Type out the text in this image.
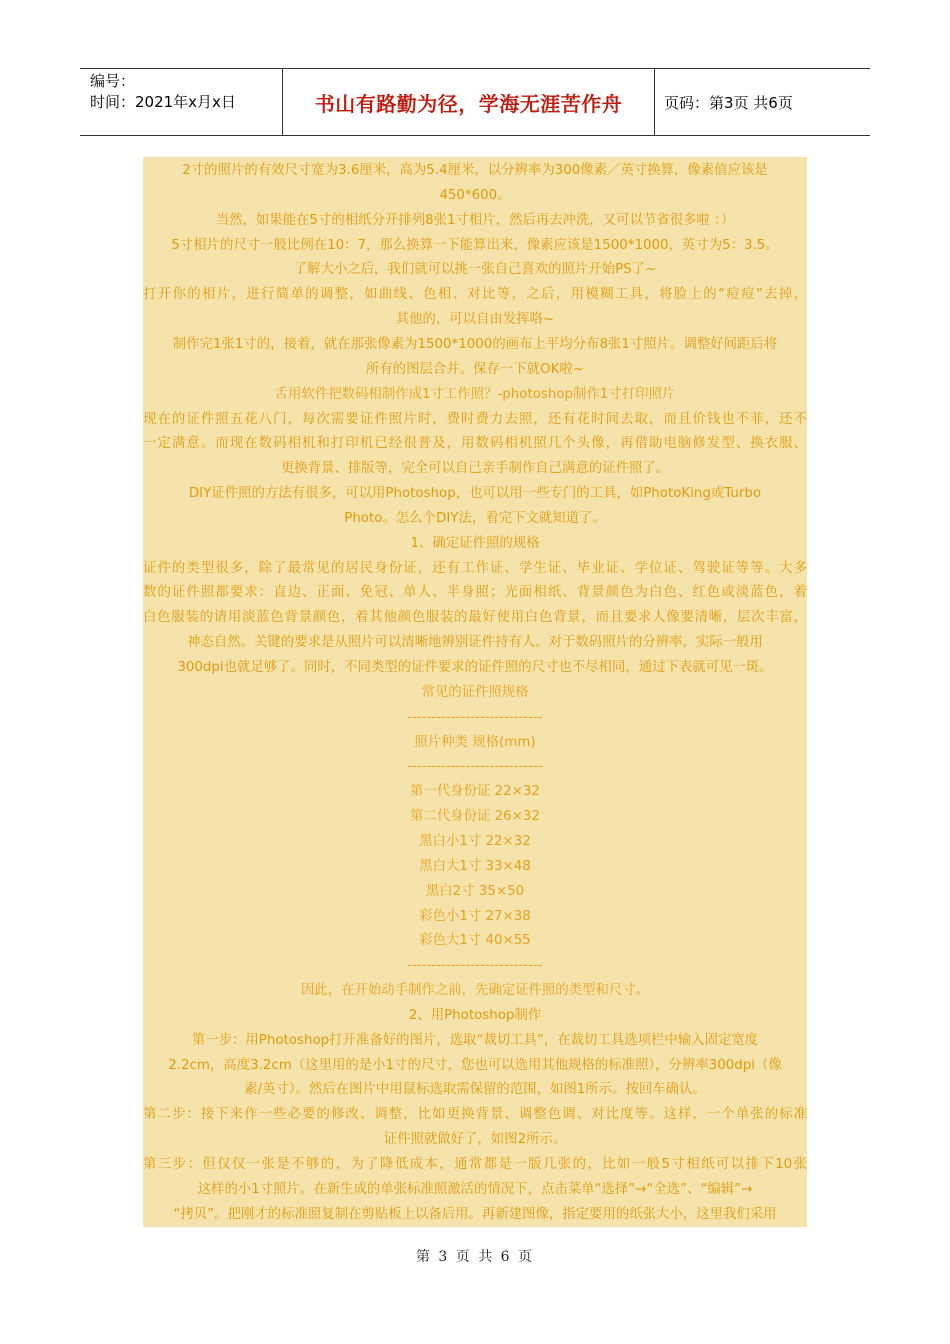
编号：
时间：2021年x月x日	书山有路勤为径，学海无涯苦作舟	页码：第3页 共6页
2寸的照片的有效尺寸宽为3.6厘米，高为5.4厘米，以分辨率为300像素／英寸换算，像素值应该是
450*600。
当然，如果能在5寸的相纸分开排列8张1寸相片，然后再去冲洗，又可以节省很多啦 ：）
5寸相片的尺寸一般比例在10：7，那么换算一下能算出来，像素应该是1500*1000，英寸为5：3.5。
了解大小之后，我们就可以挑一张自己喜欢的照片开始PS了~
打开你的相片，进行简单的调整，如曲线、色相、对比等，之后，用模糊工具，将脸上的“痘痘”去掉，
其他的，可以自由发挥咯~
制作完1张1寸的，接着，就在那张像素为1500*1000的画布上平均分布8张1寸照片。调整好间距后将
所有的图层合并。保存一下就OK啦~
舌用软件把数码相制作成1寸工作照？-photoshop制作1寸打印照片
现在的证件照五花八门，每次需要证件照片时，费时费力去照，还有花时间去取，而且价钱也不菲，还不
一定满意。而现在数码相机和打印机已经很普及，用数码相机照几个头像，再借助电脑修发型、换衣服、
更换背景、排版等，完全可以自己亲手制作自己满意的证件照了。
DIY证件照的方法有很多，可以用Photoshop，也可以用一些专门的工具，如PhotoKing或Turbo
Photo。怎么个DIY法，看完下文就知道了。
1、确定证件照的规格
证件的类型很多，除了最常见的居民身份证，还有工作证、学生证、毕业证、学位证、驾驶证等等。大多
数的证件照都要求：直边、正面、免冠、单人、半身照；光面相纸、背景颜色为白色、红色或淡蓝色，着
白色服装的请用淡蓝色背景颜色，着其他颜色服装的最好使用白色背景，而且要求人像要清晰，层次丰富，
神态自然。关键的要求是从照片可以清晰地辨别证件持有人。对于数码照片的分辨率，实际一般用
300dpi也就足够了。同时，不同类型的证件要求的证件照的尺寸也不尽相同，通过下表就可见一斑。
常见的证件照规格
----------------------------
照片种类 规格(mm)
----------------------------
第一代身份证 22×32
第二代身份证 26×32
黑白小1寸 22×32
黑白大1寸 33×48
黑白2寸 35×50
彩色小1寸 27×38
彩色大1寸 40×55
----------------------------
因此，在开始动手制作之前，先确定证件照的类型和尺寸。
2、用Photoshop制作
第一步：用Photoshop打开准备好的图片，选取“裁切工具”，在裁切工具选项栏中输入固定宽度
2.2cm，高度3.2cm（这里用的是小1寸的尺寸，您也可以选用其他规格的标准照），分辨率300dpi（像
素/英寸）。然后在图片中用鼠标选取需保留的范围，如图1所示。按回车确认。
第二步：接下来作一些必要的修改、调整，比如更换背景、调整色调、对比度等。这样，一个单张的标准
证件照就做好了，如图2所示。
第三步：但仅仅一张是不够的，为了降低成本，通常都是一版几张的，比如一般5寸相纸可以排下10张
这样的小1寸照片。在新生成的单张标准照激活的情况下，点击菜单“选择”→“全选”、“编辑”→
“拷贝”。把刚才的标准照复制在剪贴板上以备后用。再新建图像，指定要用的纸张大小，这里我们采用
第 3 页 共 6 页
